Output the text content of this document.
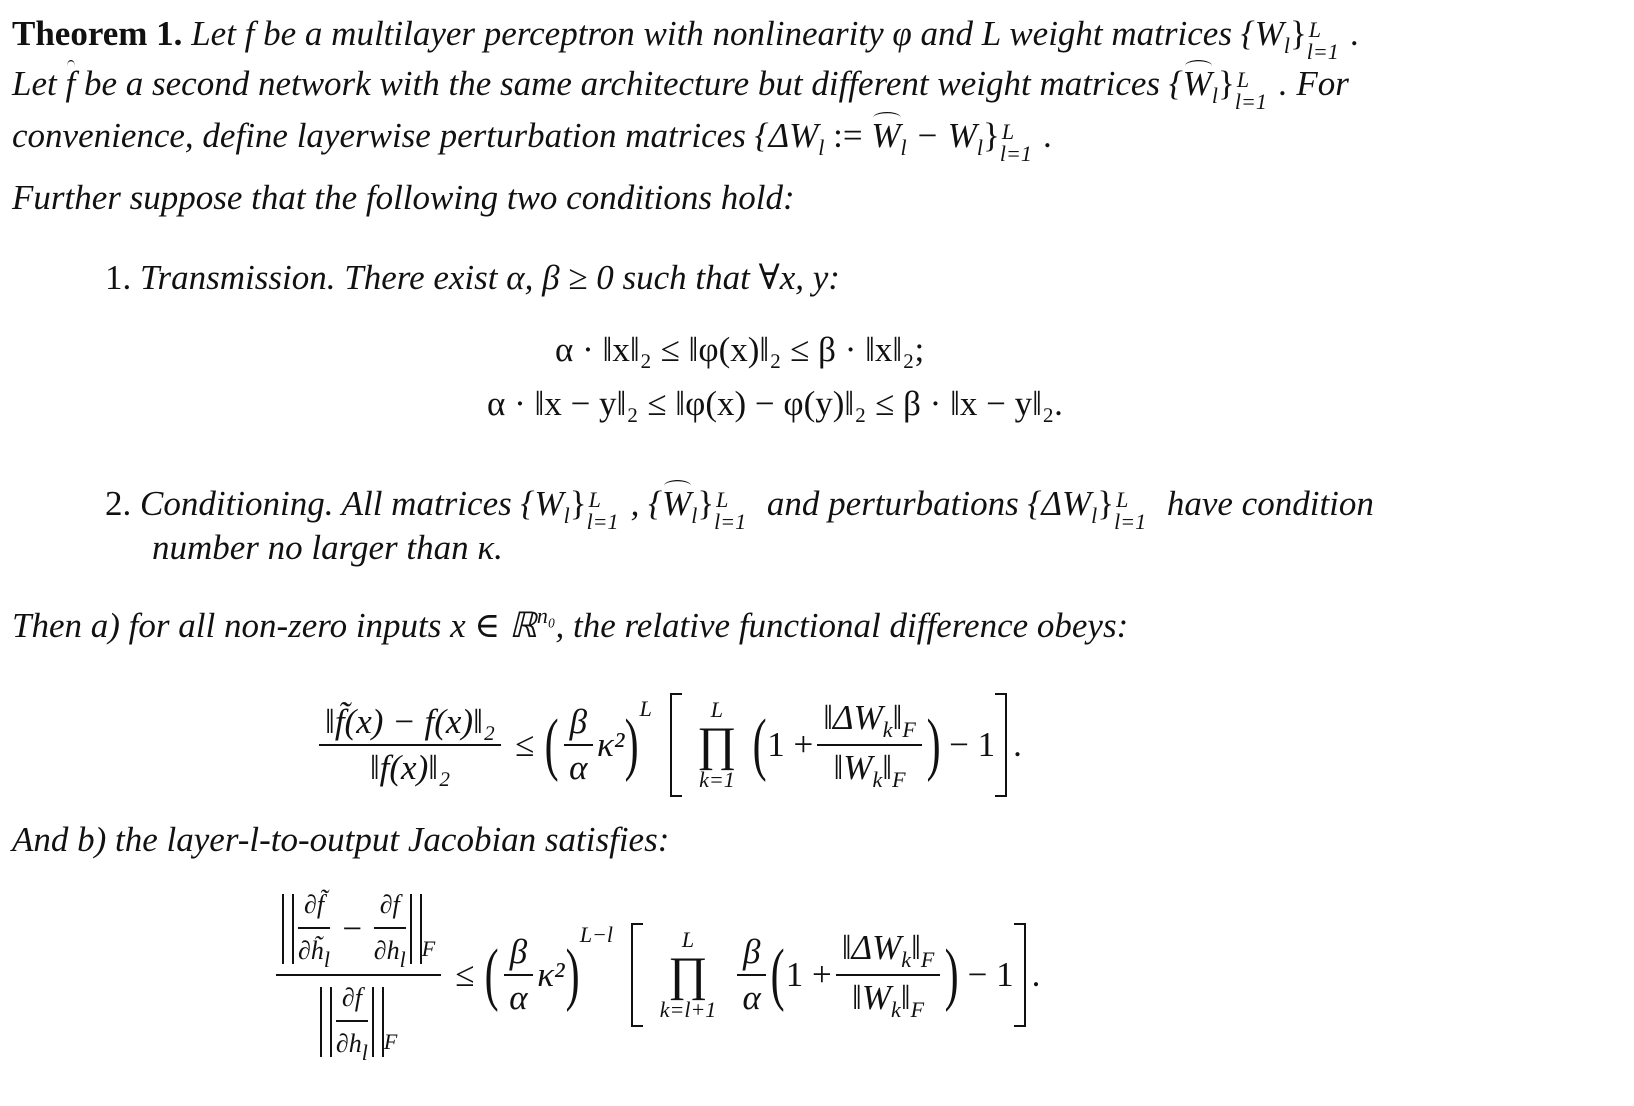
Theorem 1. Let f be a multilayer perceptron with nonlinearity φ and L weight matrices $\{W_l\}$ L
l=1 .
Let f be a second network with the same architecture but different weight matrices $\{W_l\}$ L
l=1 . For
convenience, define layerwise perturbation matrices {$\Delta W_l$ := $W_l - W_l$} L
l=1 .
Further suppose that the following two conditions hold:
1. Transmission. There exist α, β ≥ 0 such that ∀x, y:
α · ‖x‖₂ ≤ ‖φ(x)‖₂ ≤ β · ‖x‖₂;
α · ‖x − y‖₂ ≤ ‖φ(x) − φ(y)‖₂ ≤ β · ‖x − y‖₂.
2. Conditioning. All matrices $\{W_l\}$ L
l=1 , $\{W_l\}$ L
l=1 and perturbations $\{\Delta W_l\}$ L
l=1 have condition
number no larger than κ.
Then a) for all non-zero inputs x ∈ ℝ$^{n_0}$, the relative functional difference obeys:
$\frac{\text{‖f̃(x) − f(x)‖₂}}{\text{‖f(x)‖₂}}$ ≤ ( $\frac{\beta}{\alpha} \kappa^2$ ) L	L
∏
k=1 ( $1 + \frac{‖\Delta W_k‖_F}{‖W_k‖_F}$ ) − 1 .
And b) the layer-l-to-output Jacobian satisfies:
$\frac{\partial f̃}{\partial h̃_l} - \frac{\partial f}{\partial h_l}$ F
$\frac{\partial f}{\partial h_l}$ F
≤ ( $\frac{\beta}{\alpha} \kappa^2$ )
L−l	L
∏
$k=l+1 \frac{\beta}{\alpha}$ ( $1 + \frac{‖\Delta W_k‖_F}{‖W_k‖_F}$ ) − 1 .
